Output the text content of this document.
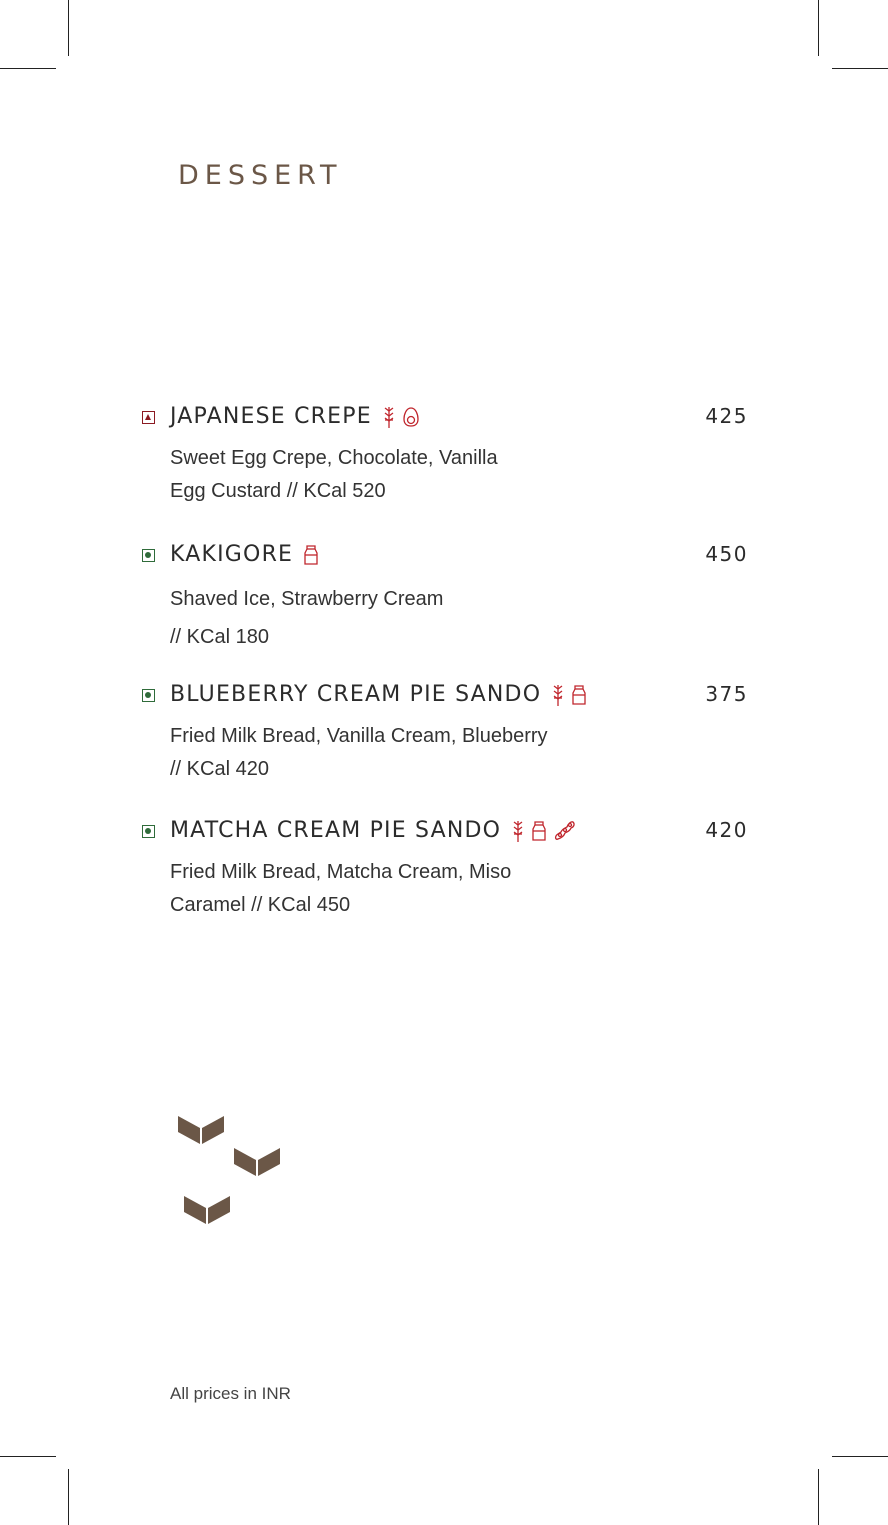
DESSERT
JAPANESE CREPE	425
Sweet Egg Crepe, Chocolate, Vanilla
Egg Custard // KCal 520
KAKIGORE	450
Shaved Ice, Strawberry Cream
// KCal 180
BLUEBERRY CREAM PIE SANDO	375
Fried Milk Bread, Vanilla Cream, Blueberry
// KCal 420
MATCHA CREAM PIE SANDO	420
Fried Milk Bread, Matcha Cream, Miso
Caramel // KCal 450
All prices in INR
